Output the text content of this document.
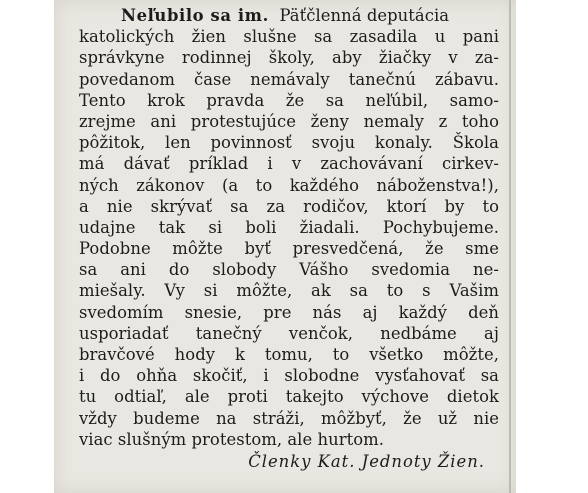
Neľubilo sa im. Päťčlenná deputácia
katolických žien slušne sa zasadila u pani
správkyne rodinnej školy, aby žiačky v za-
povedanom čase nemávaly tanečnú zábavu.
Tento krok pravda že sa neľúbil, samo-
zrejme ani protestujúce ženy nemaly z toho
pôžitok, len povinnosť svoju konaly. Škola
má dávať príklad i v zachovávaní cirkev-
ných zákonov (a to každého náboženstva!),
a nie skrývať sa za rodičov, ktorí by to
udajne tak si boli žiadali. Pochybujeme.
Podobne môžte byť presvedčená, že sme
sa ani do slobody Vášho svedomia ne-
miešaly. Vy si môžte, ak sa to s Vašim
svedomím snesie, pre nás aj každý deň
usporiadať tanečný venčok, nedbáme aj
bravčové hody k tomu, to všetko môžte,
i do ohňa skočiť, i slobodne vysťahovať sa
tu odtiaľ, ale proti takejto výchove dietok
vždy budeme na stráži, môžbyť, že už nie
viac slušným protestom, ale hurtom.
Členky Kat. Jednoty Žien.
